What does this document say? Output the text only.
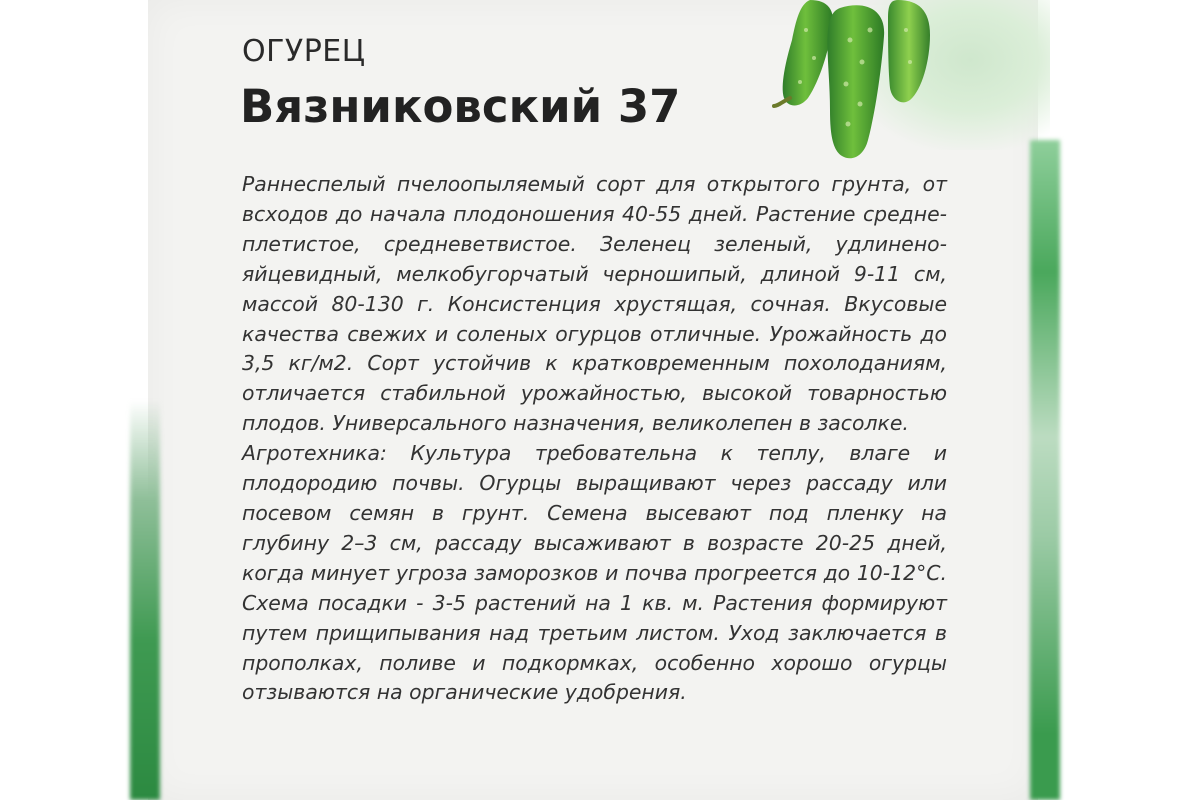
ОГУРЕЦ
Вязниковский 37

Раннеспелый пчелоопыляемый сорт для открытого грунта, от всходов до начала плодоношения 40-55 дней. Растение средне-плетистое, средневетвистое. Зеленец зеленый, удлинено-яйцевидный, мелкобугорчатый черношипый, длиной 9-11 см, массой 80-130 г. Консистенция хрустящая, сочная. Вкусовые качества свежих и соленых огурцов отличные. Урожайность до 3,5 кг/м2. Сорт устойчив к кратковременным похолоданиям, отличается стабильной урожайностью, высокой товарностью плодов. Универсального назначения, великолепен в засолке.

Агротехника: Культура требовательна к теплу, влаге и плодородию почвы. Огурцы выращивают через рассаду или посевом семян в грунт. Семена высевают под пленку на глубину 2–3 см, рассаду высаживают в возрасте 20-25 дней, когда минует угроза заморозков и почва прогреется до 10-12°С. Схема посадки - 3-5 растений на 1 кв. м. Растения формируют путем прищипывания над третьим листом. Уход заключается в прополках, поливе и подкормках, особенно хорошо огурцы отзываются на органические удобрения.
